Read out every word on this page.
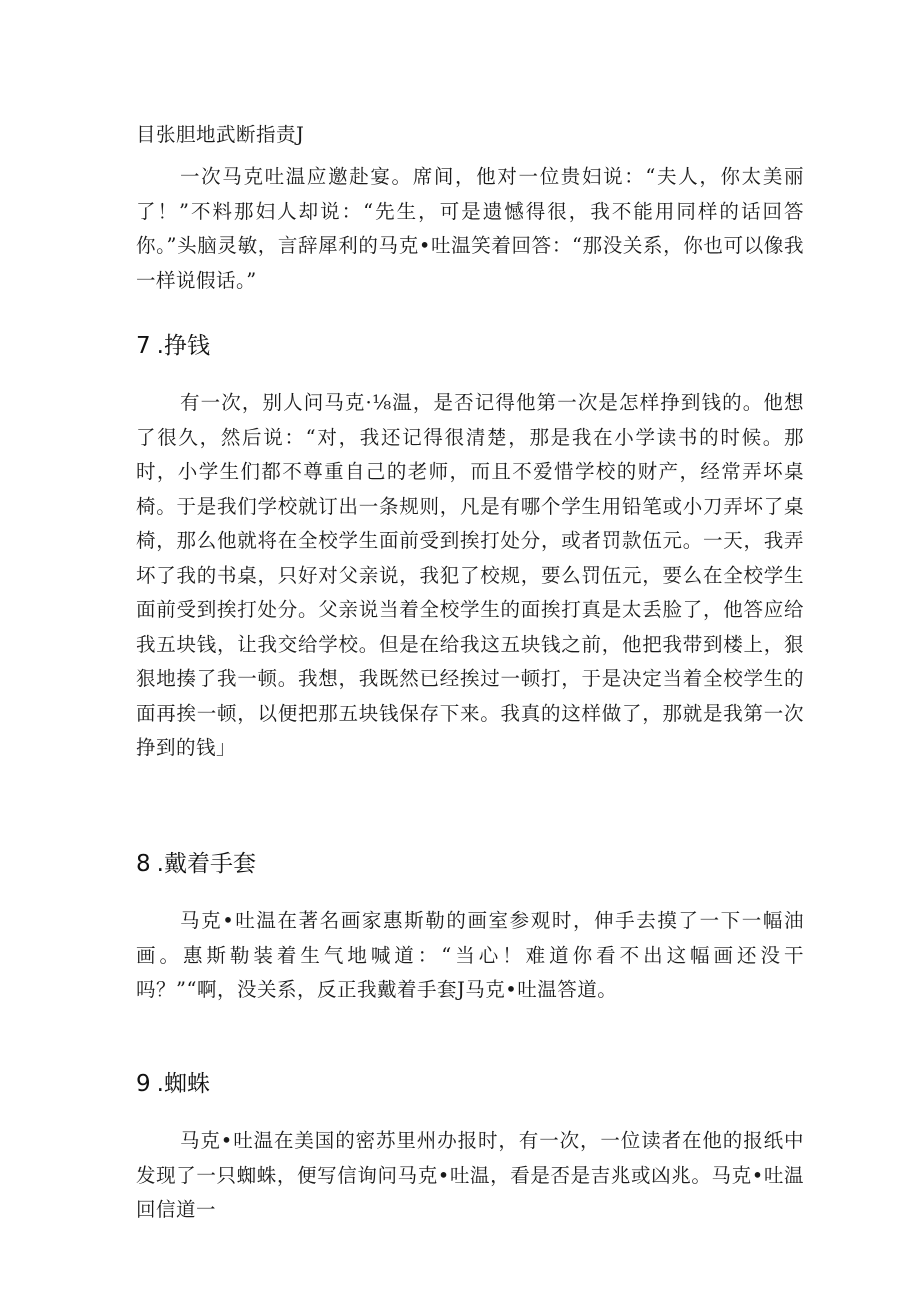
目张胆地武断指责J

一次马克吐温应邀赴宴。席间，他对一位贵妇说：“夫人，你太美丽了！”不料那妇人却说：“先生，可是遗憾得很，我不能用同样的话回答你。”头脑灵敏，言辞犀利的马克•吐温笑着回答：“那没关系，你也可以像我一样说假话。”

7 .挣钱

有一次，别人问马克·⅛温，是否记得他第一次是怎样挣到钱的。他想了很久，然后说：“对，我还记得很清楚，那是我在小学读书的时候。那时，小学生们都不尊重自己的老师，而且不爱惜学校的财产，经常弄坏桌椅。于是我们学校就订出一条规则，凡是有哪个学生用铅笔或小刀弄坏了桌椅，那么他就将在全校学生面前受到挨打处分，或者罚款伍元。一天，我弄坏了我的书桌，只好对父亲说，我犯了校规，要么罚伍元，要么在全校学生面前受到挨打处分。父亲说当着全校学生的面挨打真是太丢脸了，他答应给我五块钱，让我交给学校。但是在给我这五块钱之前，他把我带到楼上，狠狠地揍了我一顿。我想，我既然已经挨过一顿打，于是决定当着全校学生的面再挨一顿，以便把那五块钱保存下来。我真的这样做了，那就是我第一次挣到的钱」

8 .戴着手套

马克•吐温在著名画家惠斯勒的画室参观时，伸手去摸了一下一幅油画。惠斯勒装着生气地喊道：“当心！难道你看不出这幅画还没干吗？”“啊，没关系，反正我戴着手套J马克•吐温答道。

9 .蜘蛛

马克•吐温在美国的密苏里州办报时，有一次，一位读者在他的报纸中发现了一只蜘蛛，便写信询问马克•吐温，看是否是吉兆或凶兆。马克•吐温回信道一
